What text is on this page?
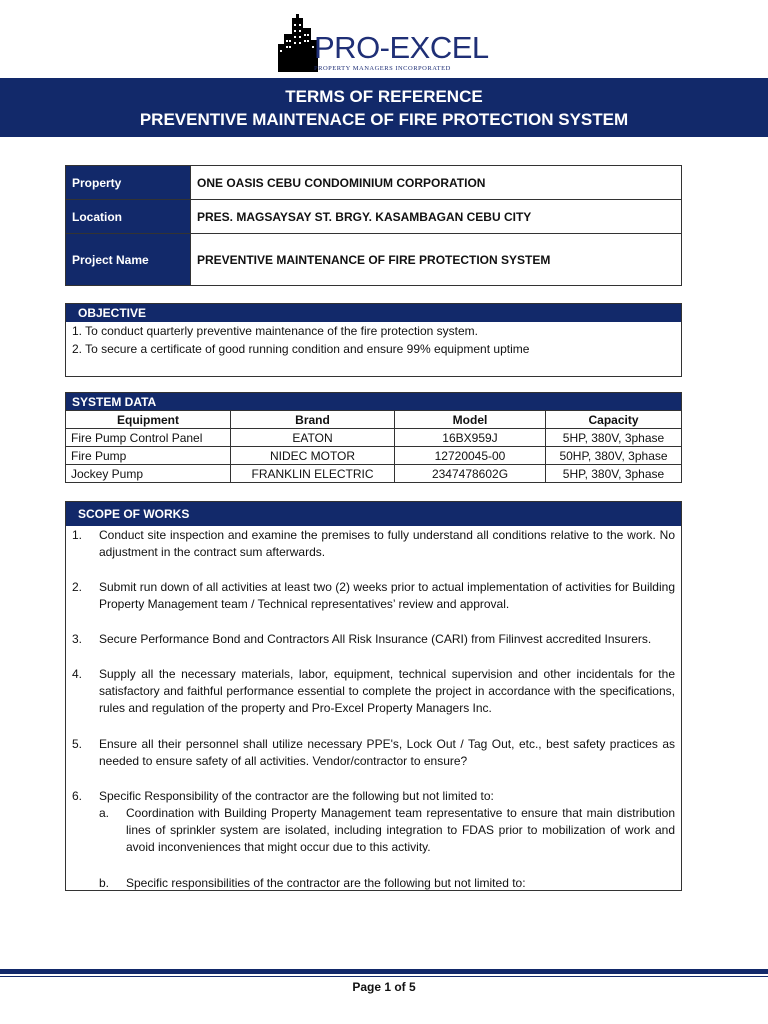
PRO-EXCEL
PROPERTY MANAGERS INCORPORATED
TERMS OF REFERENCE
PREVENTIVE MAINTENACE OF FIRE PROTECTION SYSTEM
Property	ONE OASIS CEBU CONDOMINIUM CORPORATION
Location	PRES. MAGSAYSAY ST. BRGY. KASAMBAGAN CEBU CITY
Project Name	PREVENTIVE MAINTENANCE OF FIRE PROTECTION SYSTEM
OBJECTIVE
1. To conduct quarterly preventive maintenance of the fire protection system.
2. To secure a certificate of good running condition and ensure 99% equipment uptime
SYSTEM DATA
Equipment	Brand	Model	Capacity
Fire Pump Control Panel	EATON	16BX959J	5HP, 380V, 3phase
Fire Pump	NIDEC MOTOR	12720045-00	50HP, 380V, 3phase
Jockey Pump	FRANKLIN ELECTRIC	2347478602G	5HP, 380V, 3phase
SCOPE OF WORKS
1. Conduct site inspection and examine the premises to fully understand all conditions relative to the work. No adjustment in the contract sum afterwards.
2. Submit run down of all activities at least two (2) weeks prior to actual implementation of activities for Building Property Management team / Technical representatives’ review and approval.
3. Secure Performance Bond and Contractors All Risk Insurance (CARI) from Filinvest accredited Insurers.
4. Supply all the necessary materials, labor, equipment, technical supervision and other incidentals for the satisfactory and faithful performance essential to complete the project in accordance with the specifications, rules and regulation of the property and Pro-Excel Property Managers Inc.
5. Ensure all their personnel shall utilize necessary PPE's, Lock Out / Tag Out, etc., best safety practices as needed to ensure safety of all activities. Vendor/contractor to ensure?
6. Specific Responsibility of the contractor are the following but not limited to:
a. Coordination with Building Property Management team representative to ensure that main distribution lines of sprinkler system are isolated, including integration to FDAS prior to mobilization of work and avoid inconveniences that might occur due to this activity.
b. Specific responsibilities of the contractor are the following but not limited to:
Page 1 of 5
